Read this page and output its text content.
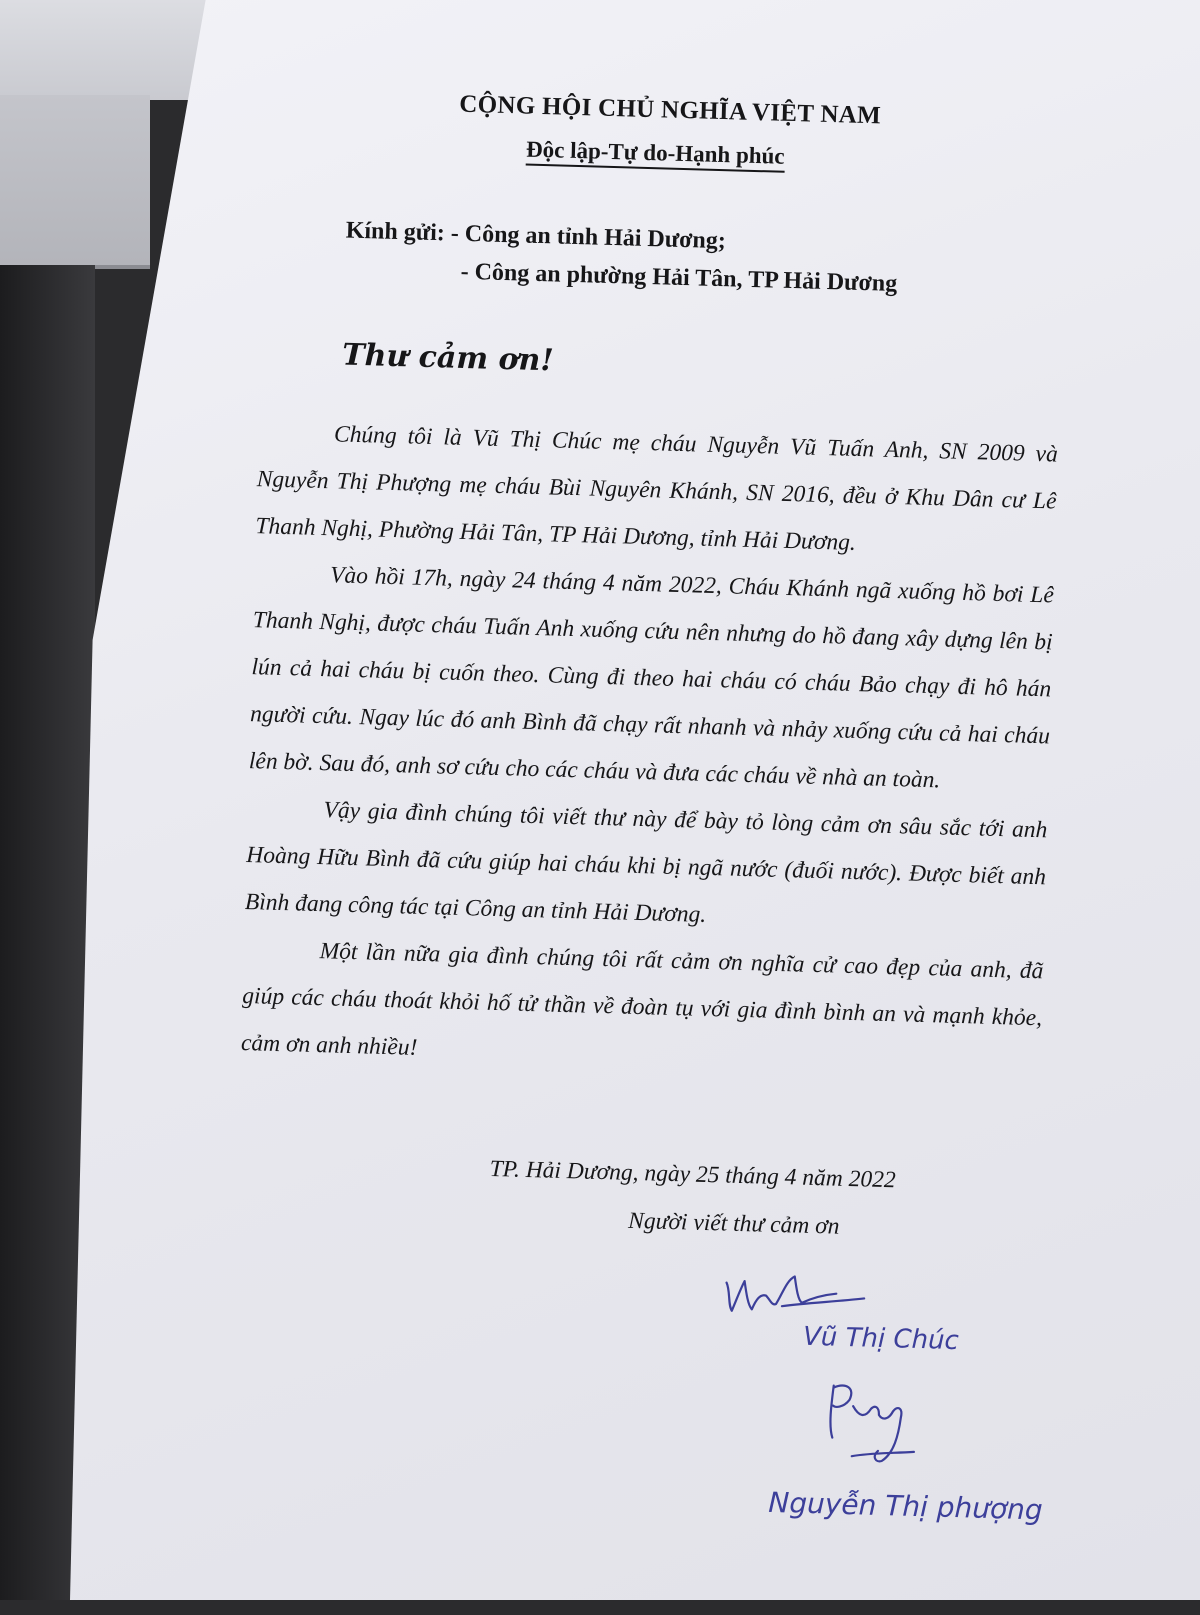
CỘNG HỘI CHỦ NGHĨA VIỆT NAM
Độc lập-Tự do-Hạnh phúc
Kính gửi: - Công an tỉnh Hải Dương;
- Công an phường Hải Tân, TP Hải Dương
Thư cảm ơn!

Chúng tôi là Vũ Thị Chúc mẹ cháu Nguyễn Vũ Tuấn Anh, SN 2009 và Nguyễn Thị Phượng mẹ cháu Bùi Nguyên Khánh, SN 2016, đều ở Khu Dân cư Lê Thanh Nghị, Phường Hải Tân, TP Hải Dương, tỉnh Hải Dương.

Vào hồi 17h, ngày 24 tháng 4 năm 2022, Cháu Khánh ngã xuống hồ bơi Lê Thanh Nghị, được cháu Tuấn Anh xuống cứu nên nhưng do hồ đang xây dựng lên bị lún cả hai cháu bị cuốn theo. Cùng đi theo hai cháu có cháu Bảo chạy đi hô hán người cứu. Ngay lúc đó anh Bình đã chạy rất nhanh và nhảy xuống cứu cả hai cháu lên bờ. Sau đó, anh sơ cứu cho các cháu và đưa các cháu về nhà an toàn.

Vậy gia đình chúng tôi viết thư này để bày tỏ lòng cảm ơn sâu sắc tới anh Hoàng Hữu Bình đã cứu giúp hai cháu khi bị ngã nước (đuối nước). Được biết anh Bình đang công tác tại Công an tỉnh Hải Dương.

Một lần nữa gia đình chúng tôi rất cảm ơn nghĩa cử cao đẹp của anh, đã giúp các cháu thoát khỏi hố tử thần về đoàn tụ với gia đình bình an và mạnh khỏe, cảm ơn anh nhiều!

TP. Hải Dương, ngày 25 tháng 4 năm 2022
Người viết thư cảm ơn
Vũ Thị Chúc
Nguyễn Thị phượng
